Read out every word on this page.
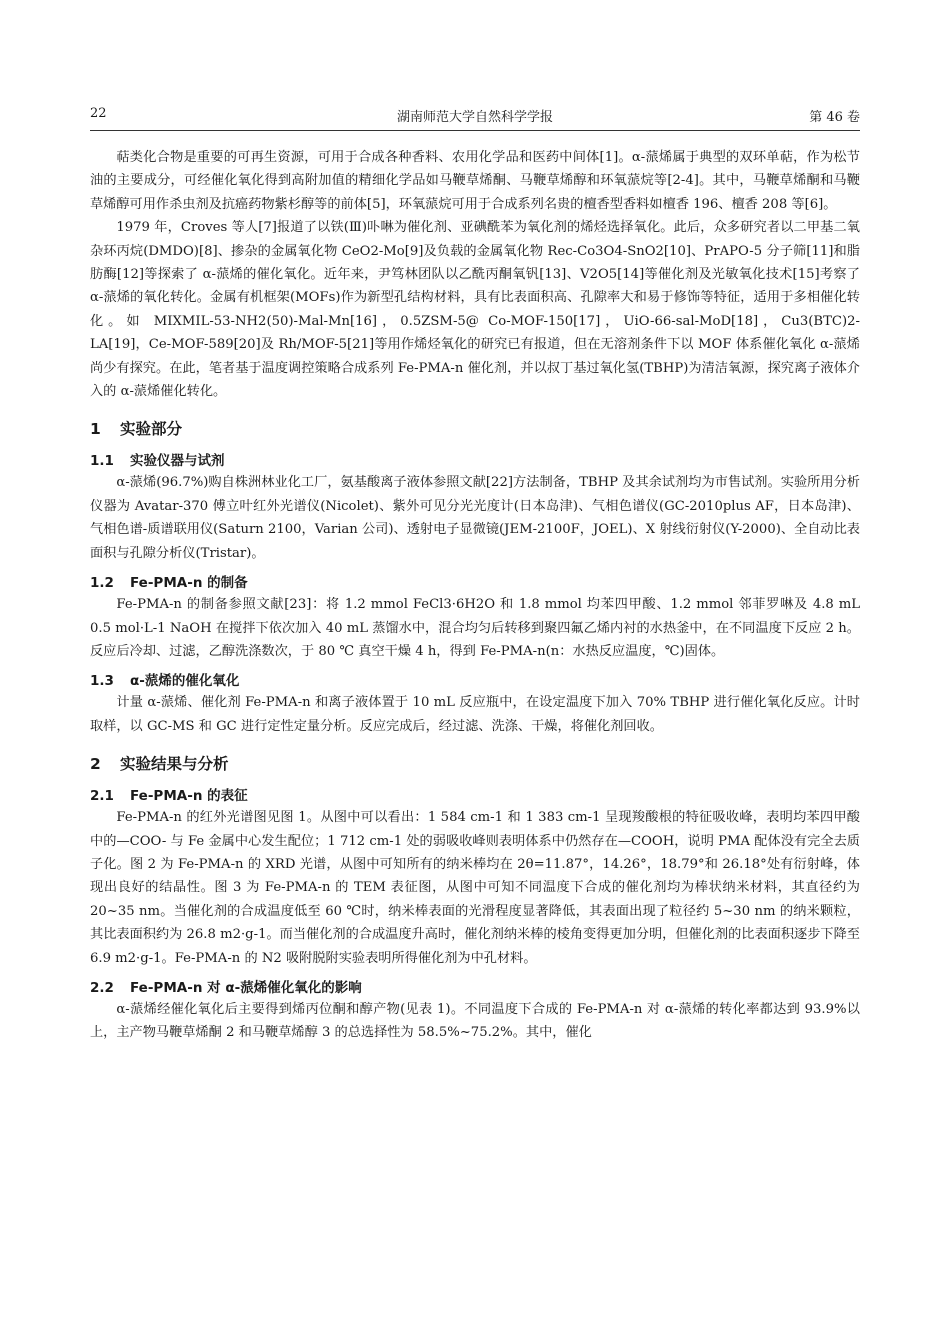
22	湖南师范大学自然科学学报	第 46 卷

萜类化合物是重要的可再生资源，可用于合成各种香料、农用化学品和医药中间体[1]。α-蒎烯属于典型的双环单萜，作为松节油的主要成分，可经催化氧化得到高附加值的精细化学品如马鞭草烯酮、马鞭草烯醇和环氧蒎烷等[2-4]。其中，马鞭草烯酮和马鞭草烯醇可用作杀虫剂及抗癌药物紫杉醇等的前体[5]，环氧蒎烷可用于合成系列名贵的檀香型香料如檀香 196、檀香 208 等[6]。

1979 年，Croves 等人[7]报道了以铁(Ⅲ)卟啉为催化剂、亚碘酰苯为氧化剂的烯烃选择氧化。此后，众多研究者以二甲基二氧杂环丙烷(DMDO)[8]、掺杂的金属氧化物 CeO2-Mo[9]及负载的金属氧化物 Rec-Co3O4-SnO2[10]、PrAPO-5 分子筛[11]和脂肪酶[12]等探索了 α-蒎烯的催化氧化。近年来，尹笃林团队以乙酰丙酮氧钒[13]、V2O5[14]等催化剂及光敏氧化技术[15]考察了 α-蒎烯的氧化转化。金属有机框架(MOFs)作为新型孔结构材料，具有比表面积高、孔隙率大和易于修饰等特征，适用于多相催化转化。如 MIXMIL-53-NH2(50)-Mal-Mn[16]，0.5ZSM-5@ Co-MOF-150[17]，UiO-66-sal-MoD[18]，Cu3(BTC)2-LA[19]，Ce-MOF-589[20]及 Rh/MOF-5[21]等用作烯烃氧化的研究已有报道，但在无溶剂条件下以 MOF 体系催化氧化 α-蒎烯尚少有探究。在此，笔者基于温度调控策略合成系列 Fe-PMA-n 催化剂，并以叔丁基过氧化氢(TBHP)为清洁氧源，探究离子液体介入的 α-蒎烯催化转化。

1 实验部分
1.1 实验仪器与试剂

α-蒎烯(96.7%)购自株洲林业化工厂，氨基酸离子液体参照文献[22]方法制备，TBHP 及其余试剂均为市售试剂。实验所用分析仪器为 Avatar-370 傅立叶红外光谱仪(Nicolet)、紫外可见分光光度计(日本岛津)、气相色谱仪(GC-2010plus AF，日本岛津)、气相色谱-质谱联用仪(Saturn 2100，Varian 公司)、透射电子显微镜(JEM-2100F，JOEL)、X 射线衍射仪(Y-2000)、全自动比表面积与孔隙分析仪(Tristar)。

1.2 Fe-PMA-n 的制备

Fe-PMA-n 的制备参照文献[23]：将 1.2 mmol FeCl3·6H2O 和 1.8 mmol 均苯四甲酸、1.2 mmol 邻菲罗啉及 4.8 mL 0.5 mol·L-1 NaOH 在搅拌下依次加入 40 mL 蒸馏水中，混合均匀后转移到聚四氟乙烯内衬的水热釜中，在不同温度下反应 2 h。反应后冷却、过滤，乙醇洗涤数次，于 80 ℃ 真空干燥 4 h，得到 Fe-PMA-n(n：水热反应温度，℃)固体。

1.3 α-蒎烯的催化氧化

计量 α-蒎烯、催化剂 Fe-PMA-n 和离子液体置于 10 mL 反应瓶中，在设定温度下加入 70% TBHP 进行催化氧化反应。计时取样，以 GC-MS 和 GC 进行定性定量分析。反应完成后，经过滤、洗涤、干燥，将催化剂回收。

2 实验结果与分析
2.1 Fe-PMA-n 的表征

Fe-PMA-n 的红外光谱图见图 1。从图中可以看出：1 584 cm-1 和 1 383 cm-1 呈现羧酸根的特征吸收峰，表明均苯四甲酸中的—COO- 与 Fe 金属中心发生配位；1 712 cm-1 处的弱吸收峰则表明体系中仍然存在—COOH，说明 PMA 配体没有完全去质子化。图 2 为 Fe-PMA-n 的 XRD 光谱，从图中可知所有的纳米棒均在 2θ=11.87°，14.26°，18.79°和 26.18°处有衍射峰，体现出良好的结晶性。图 3 为 Fe-PMA-n 的 TEM 表征图，从图中可知不同温度下合成的催化剂均为棒状纳米材料，其直径约为 20~35 nm。当催化剂的合成温度低至 60 ℃时，纳米棒表面的光滑程度显著降低，其表面出现了粒径约 5~30 nm 的纳米颗粒，其比表面积约为 26.8 m2·g-1。而当催化剂的合成温度升高时，催化剂纳米棒的棱角变得更加分明，但催化剂的比表面积逐步下降至 6.9 m2·g-1。Fe-PMA-n 的 N2 吸附脱附实验表明所得催化剂为中孔材料。

2.2 Fe-PMA-n 对 α-蒎烯催化氧化的影响

α-蒎烯经催化氧化后主要得到烯丙位酮和醇产物(见表 1)。不同温度下合成的 Fe-PMA-n 对 α-蒎烯的转化率都达到 93.9%以上，主产物马鞭草烯酮 2 和马鞭草烯醇 3 的总选择性为 58.5%~75.2%。其中，催化
